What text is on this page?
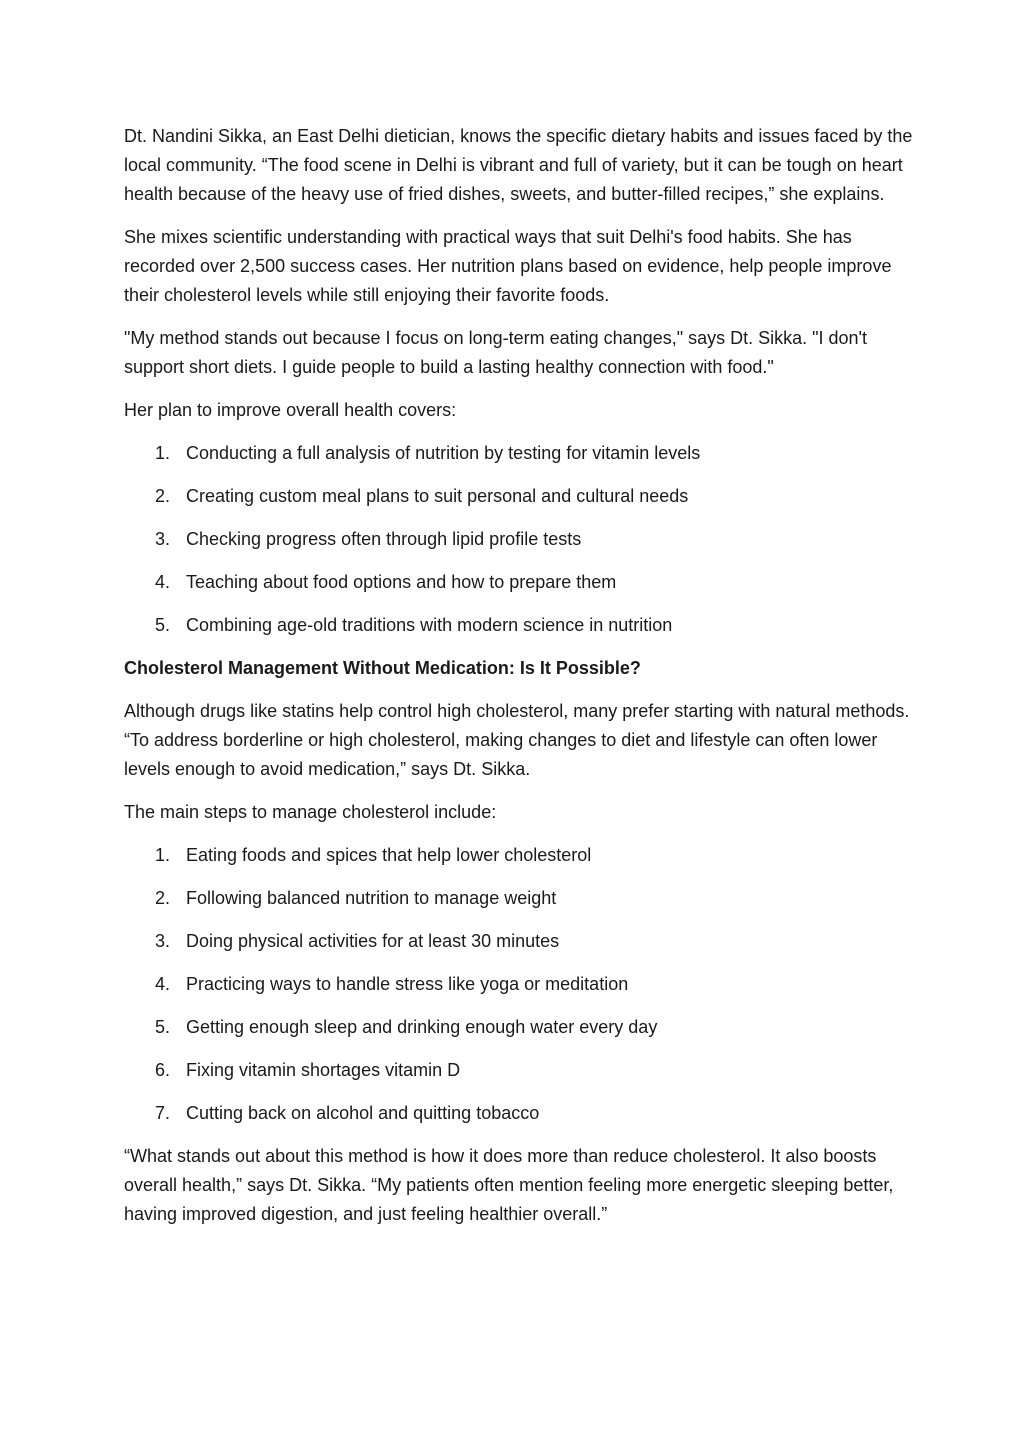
Dt. Nandini Sikka, an East Delhi dietician, knows the specific dietary habits and issues faced by the local community. “The food scene in Delhi is vibrant and full of variety, but it can be tough on heart health because of the heavy use of fried dishes, sweets, and butter-filled recipes,” she explains.

She mixes scientific understanding with practical ways that suit Delhi's food habits. She has recorded over 2,500 success cases. Her nutrition plans based on evidence, help people improve their cholesterol levels while still enjoying their favorite foods.

"My method stands out because I focus on long-term eating changes," says Dt. Sikka. "I don't support short diets. I guide people to build a lasting healthy connection with food."

Her plan to improve overall health covers:

1. Conducting a full analysis of nutrition by testing for vitamin levels
2. Creating custom meal plans to suit personal and cultural needs
3. Checking progress often through lipid profile tests
4. Teaching about food options and how to prepare them
5. Combining age-old traditions with modern science in nutrition

Cholesterol Management Without Medication: Is It Possible?

Although drugs like statins help control high cholesterol, many prefer starting with natural methods. “To address borderline or high cholesterol, making changes to diet and lifestyle can often lower levels enough to avoid medication,” says Dt. Sikka.

The main steps to manage cholesterol include:

1. Eating foods and spices that help lower cholesterol
2. Following balanced nutrition to manage weight
3. Doing physical activities for at least 30 minutes
4. Practicing ways to handle stress like yoga or meditation
5. Getting enough sleep and drinking enough water every day
6. Fixing vitamin shortages vitamin D
7. Cutting back on alcohol and quitting tobacco

“What stands out about this method is how it does more than reduce cholesterol. It also boosts overall health,” says Dt. Sikka. “My patients often mention feeling more energetic sleeping better, having improved digestion, and just feeling healthier overall.”
